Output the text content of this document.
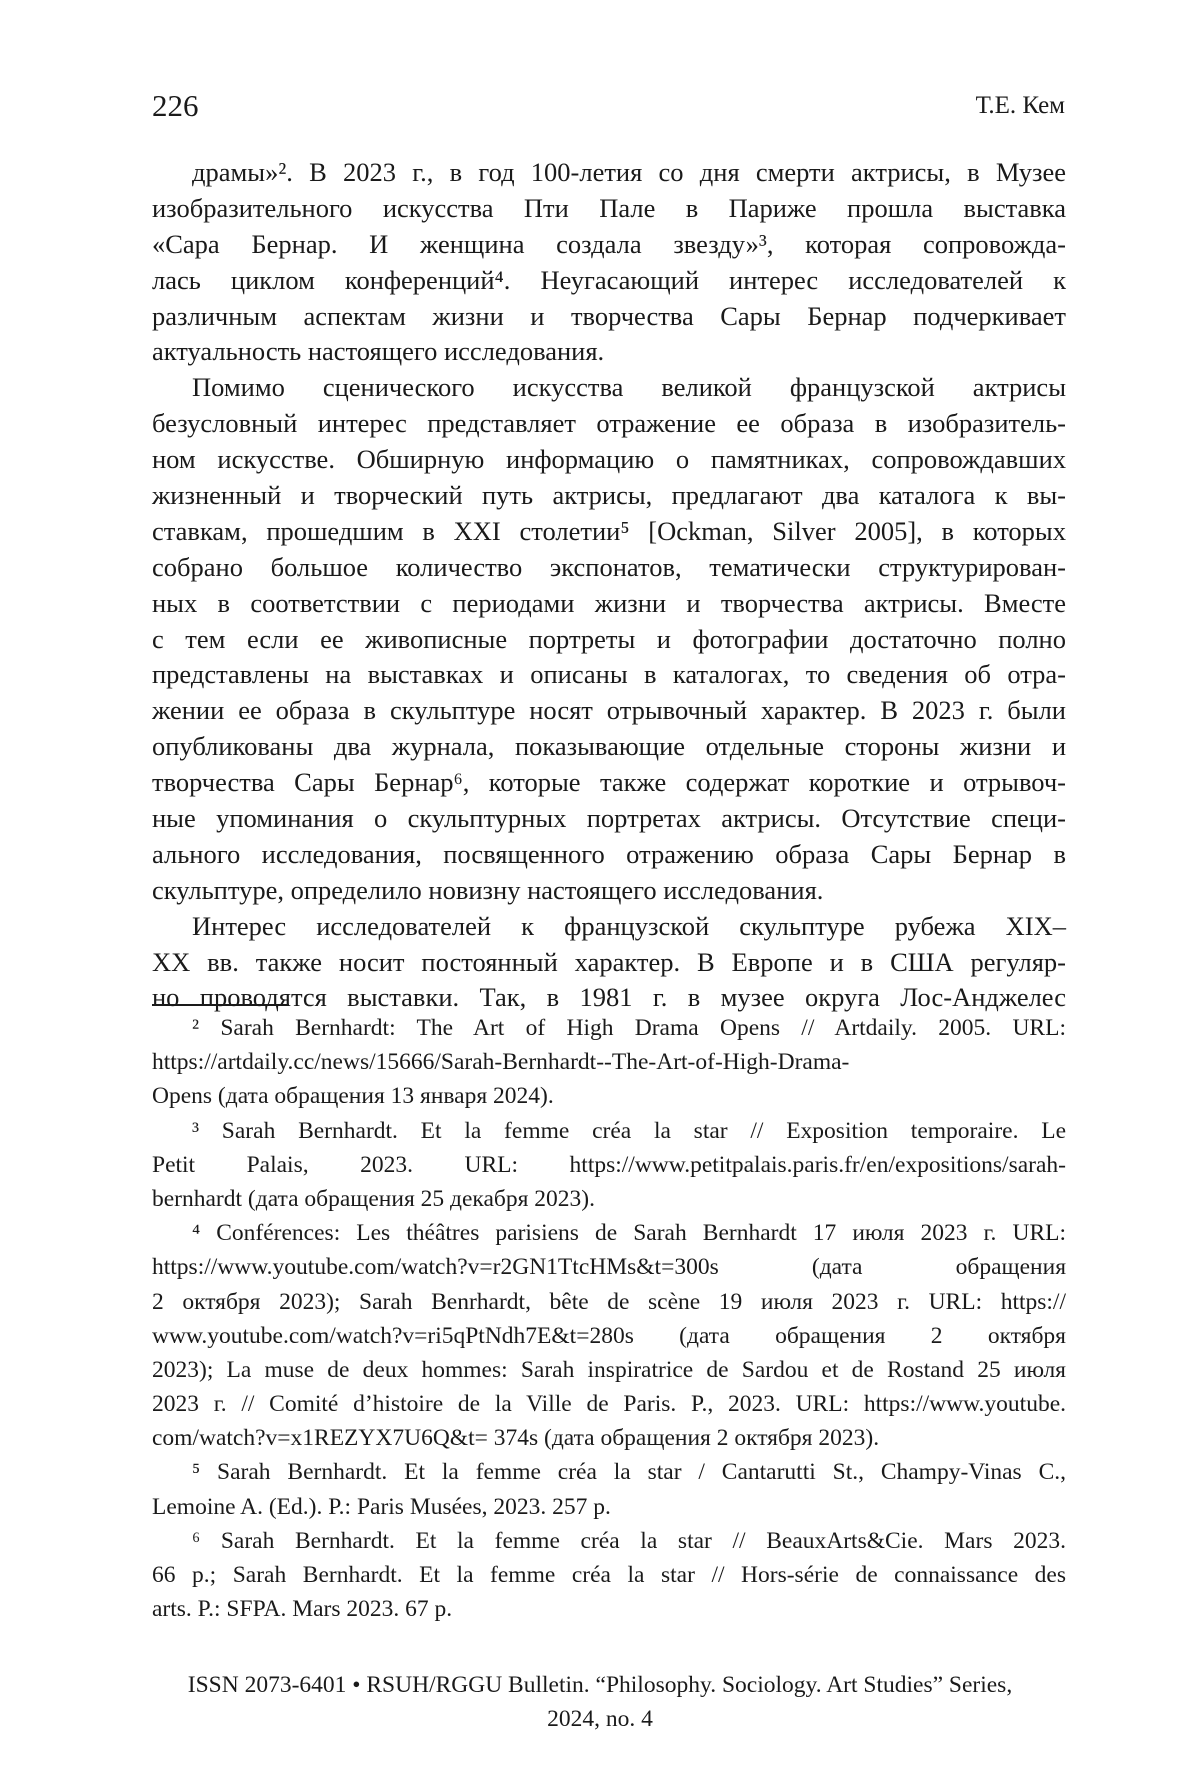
226	Т.Е. Кем
драмы»². В 2023 г., в год 100-летия со дня смерти актрисы, в Музее
изобразительного искусства Пти Пале в Париже прошла выставка
«Сара Бернар. И женщина создала звезду»³, которая сопровожда-
лась циклом конференций⁴. Неугасающий интерес исследователей к
различным аспектам жизни и творчества Сары Бернар подчеркивает
актуальность настоящего исследования.
Помимо сценического искусства великой французской актрисы
безусловный интерес представляет отражение ее образа в изобразитель-
ном искусстве. Обширную информацию о памятниках, сопровождавших
жизненный и творческий путь актрисы, предлагают два каталога к вы-
ставкам, прошедшим в XXI столетии⁵ [Ockman, Silver 2005], в которых
собрано большое количество экспонатов, тематически структурирован-
ных в соответствии с периодами жизни и творчества актрисы. Вместе
с тем если ее живописные портреты и фотографии достаточно полно
представлены на выставках и описаны в каталогах, то сведения об отра-
жении ее образа в скульптуре носят отрывочный характер. В 2023 г. были
опубликованы два журнала, показывающие отдельные стороны жизни и
творчества Сары Бернар⁶, которые также содержат короткие и отрывоч-
ные упоминания о скульптурных портретах актрисы. Отсутствие специ-
ального исследования, посвященного отражению образа Сары Бернар в
скульптуре, определило новизну настоящего исследования.
Интерес исследователей к французской скульптуре рубежа XIX–
XX вв. также носит постоянный характер. В Европе и в США регуляр-
но проводятся выставки. Так, в 1981 г. в музее округа Лос-Анджелес
² Sarah Bernhardt: The Art of High Drama Opens // Artdaily. 2005. URL:
https://artdaily.cc/news/15666/Sarah-Bernhardt--The-Art-of-High-Drama-
Opens (дата обращения 13 января 2024).
³ Sarah Bernhardt. Et la femme créa la star // Exposition temporaire. Le
Petit Palais, 2023. URL: https://www.petitpalais.paris.fr/en/expositions/sarah-
bernhardt (дата обращения 25 декабря 2023).
⁴ Conférences: Les théâtres parisiens de Sarah Bernhardt 17 июля 2023 г. URL:
https://www.youtube.com/watch?v=r2GN1TtcHMs&t=300s (дата обращения
2 октября 2023); Sarah Benrhardt, bête de scène 19 июля 2023 г. URL: https://
www.youtube.com/watch?v=ri5qPtNdh7E&t=280s (дата обращения 2 октября
2023); La muse de deux hommes: Sarah inspiratrice de Sardou et de Rostand 25 июля
2023 г. // Comité d’histoire de la Ville de Paris. P., 2023. URL: https://www.youtube.
com/watch?v=x1REZYX7U6Q&t= 374s (дата обращения 2 октября 2023).
⁵ Sarah Bernhardt. Et la femme créa la star / Cantarutti St., Champy-Vinas C.,
Lemoine A. (Ed.). P.: Paris Musées, 2023. 257 p.
⁶ Sarah Bernhardt. Et la femme créa la star // BeauxArts&Cie. Mars 2023.
66 p.; Sarah Bernhardt. Et la femme créa la star // Hors-série de connaissance des
arts. P.: SFPA. Mars 2023. 67 p.
ISSN 2073-6401 • RSUH/RGGU Bulletin. “Philosophy. Sociology. Art Studies” Series,
2024, no. 4
